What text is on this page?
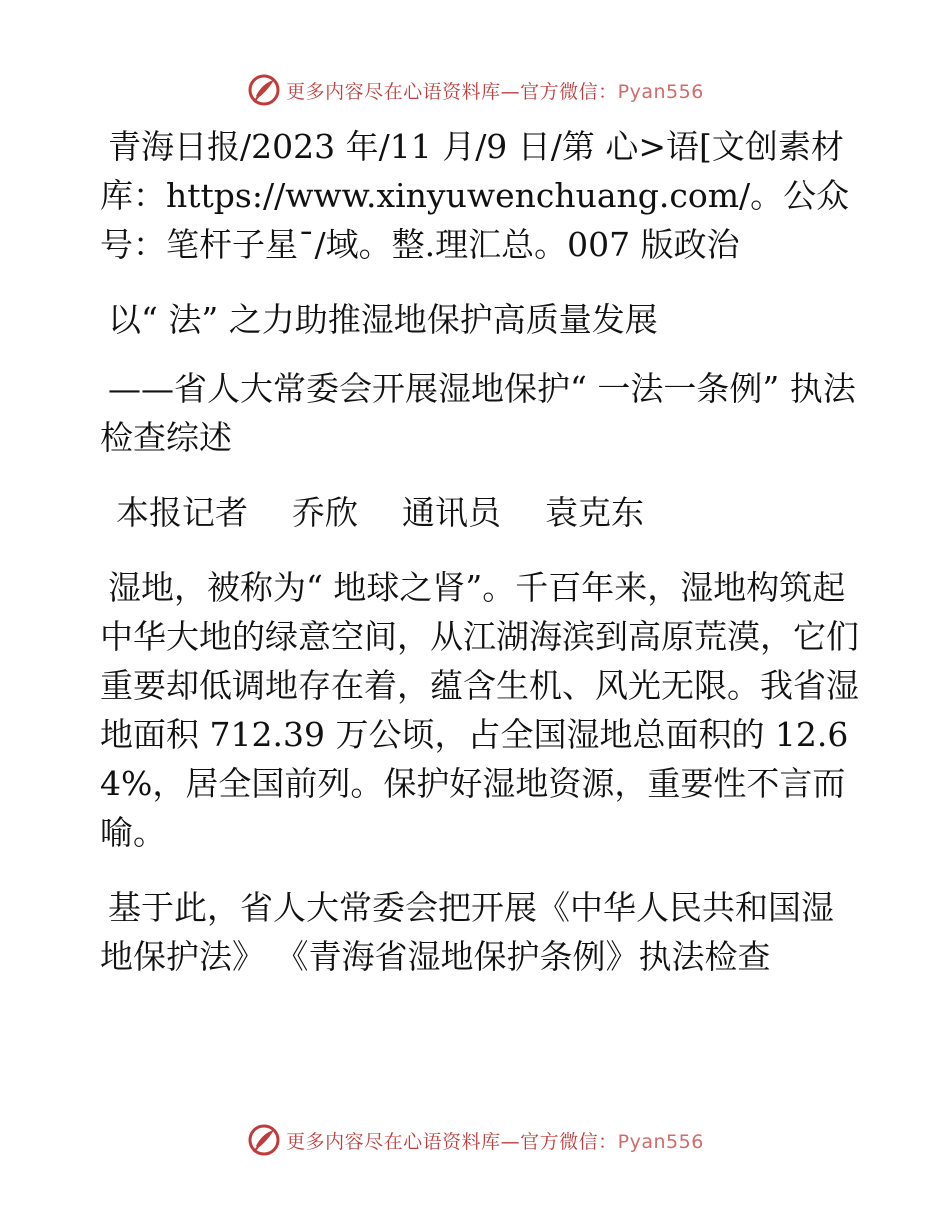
更多内容尽在心语资料库—官方微信：Pyan556

青海日报/2023 年/11 月/9 日/第 心>语[文创素材库：https://www.xinyuwenchuang.com/。公众号：笔杆子星¯/域。整.理汇总。007 版政治

以“ 法” 之力助推湿地保护高质量发展

——省人大常委会开展湿地保护“ 一法一条例” 执法检查综述

本报记者 乔欣 通讯员 袁克东

湿地，被称为“ 地球之肾”。千百年来，湿地构筑起中华大地的绿意空间，从江湖海滨到高原荒漠，它们重要却低调地存在着，蕴含生机、风光无限。我省湿地面积 712.39 万公顷，占全国湿地总面积的 12.64%，居全国前列。保护好湿地资源，重要性不言而喻。

基于此，省人大常委会把开展《中华人民共和国湿地保护法》 《青海省湿地保护条例》执法检查

更多内容尽在心语资料库—官方微信：Pyan556
